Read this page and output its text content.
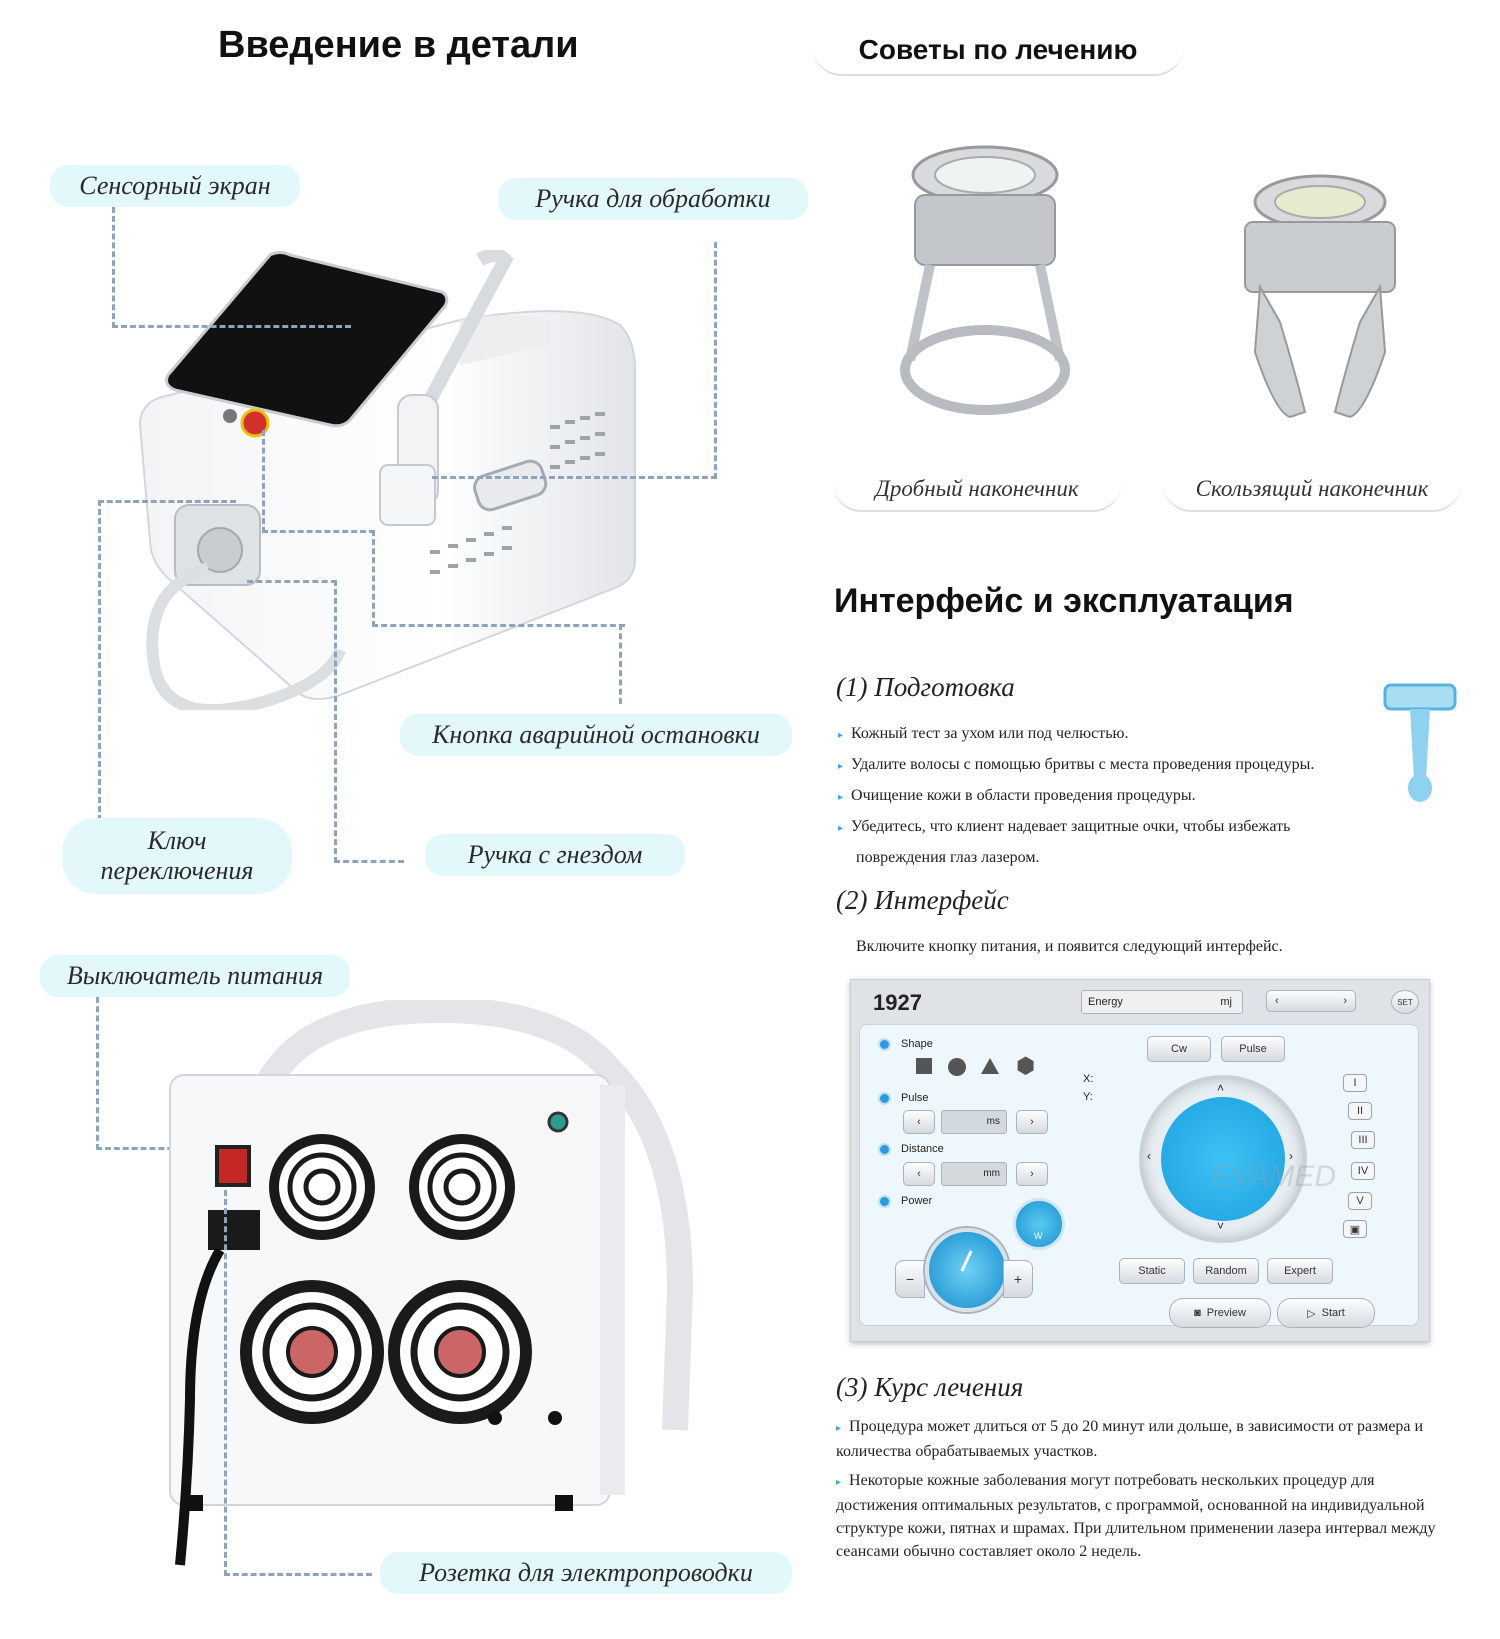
Введение в детали
Сенсорный экран	Ручка для обработки
Кнопка аварийной остановки
Ключ
переключения
Ручка с гнездом
Выключатель питания
Розетка для электропроводки
Советы по лечению
Дробный наконечник	Скользящий наконечник
Интерфейс и эксплуатация
(1) Подготовка
▸ Кожный тест за ухом или под челюстью.
▸ Удалите волосы с помощью бритвы с места проведения процедуры.
▸ Очищение кожи в области проведения процедуры.
▸ Убедитесь, что клиент надевает защитные очки, чтобы избежать
повреждения глаз лазером.
(2) Интерфейс
Включите кнопку питания, и появится следующий интерфейс.
1927	Energy	mj	‹	›	SET
Shape
⬢
Pulse
‹	ms	›
Distance
‹	mm	›
Power
W
−	+
Cw	Pulse
X:
Y:
˄
˅
‹	›
EVAMED
I
II
III
IV
V
▣
Static	Random	Expert
◙ Preview	▷ Start
(3) Курс лечения
▸ Процедура может длиться от 5 до 20 минут или дольше, в зависимости от размера и количества обрабатываемых участков.
▸ Некоторые кожные заболевания могут потребовать нескольких процедур для достижения оптимальных результатов, с программой, основанной на индивидуальной структуре кожи, пятнах и шрамах. При длительном применении лазера интервал между сеансами обычно составляет около 2 недель.
